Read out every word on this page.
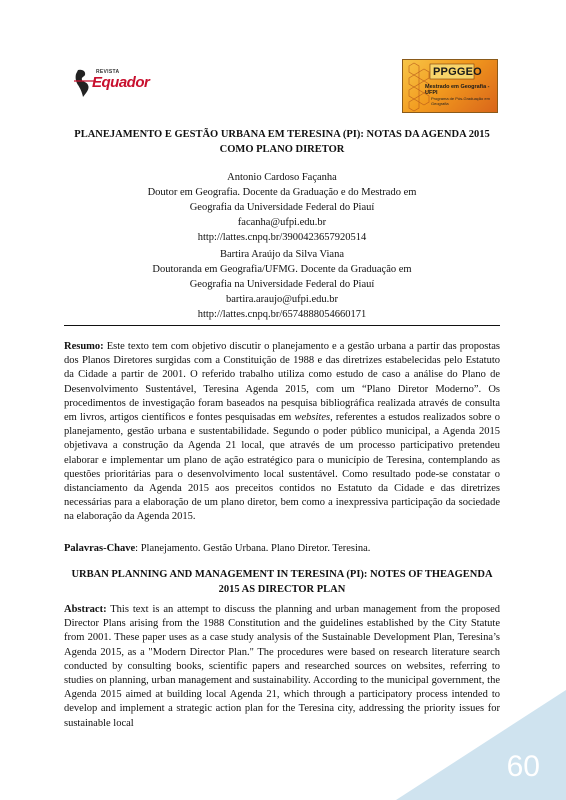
REVISTA
Equador
PPGGEO
Mestrado em Geografia - UFPI
Programa de Pós-Graduação em Geografia
PLANEJAMENTO E GESTÃO URBANA EM TERESINA (PI): NOTAS DA AGENDA 2015 COMO PLANO DIRETOR
Antonio Cardoso Façanha
Doutor em Geografia. Docente da Graduação e do Mestrado em
Geografia da Universidade Federal do Piauí
facanha@ufpi.edu.br
http://lattes.cnpq.br/3900423657920514
Bartira Araújo da Silva Viana
Doutoranda em Geografia/UFMG. Docente da Graduação em
Geografia na Universidade Federal do Piauí
bartira.araujo@ufpi.edu.br
http://lattes.cnpq.br/6574888054660171
Resumo: Este texto tem com objetivo discutir o planejamento e a gestão urbana a partir das propostas dos Planos Diretores surgidas com a Constituição de 1988 e das diretrizes estabelecidas pelo Estatuto da Cidade a partir de 2001. O referido trabalho utiliza como estudo de caso a análise do Plano de Desenvolvimento Sustentável, Teresina Agenda 2015, com um “Plano Diretor Moderno”. Os procedimentos de investigação foram baseados na pesquisa bibliográfica realizada através de consulta em livros, artigos científicos e fontes pesquisadas em websites, referentes a estudos realizados sobre o planejamento, gestão urbana e sustentabilidade. Segundo o poder público municipal, a Agenda 2015 objetivava a construção da Agenda 21 local, que através de um processo participativo pretendeu elaborar e implementar um plano de ação estratégico para o município de Teresina, contemplando as questões prioritárias para o desenvolvimento local sustentável. Como resultado pode-se constatar o distanciamento da Agenda 2015 aos preceitos contidos no Estatuto da Cidade e das diretrizes necessárias para a elaboração de um plano diretor, bem como a inexpressiva participação da sociedade na elaboração da Agenda 2015.
Palavras-Chave: Planejamento. Gestão Urbana. Plano Diretor. Teresina.
URBAN PLANNING AND MANAGEMENT IN TERESINA (PI): NOTES OF THEAGENDA 2015 AS DIRECTOR PLAN
Abstract: This text is an attempt to discuss the planning and urban management from the proposed Director Plans arising from the 1988 Constitution and the guidelines established by the City Statute from 2001. These paper uses as a case study analysis of the Sustainable Development Plan, Teresina’s Agenda 2015, as a "Modern Director Plan." The procedures were based on research literature search conducted by consulting books, scientific papers and researched sources on websites, referring to studies on planning, urban management and sustainability. According to the municipal government, the Agenda 2015 aimed at building local Agenda 21, which through a participatory process intended to develop and implement a strategic action plan for the Teresina city, addressing the priority issues for sustainable local
60
